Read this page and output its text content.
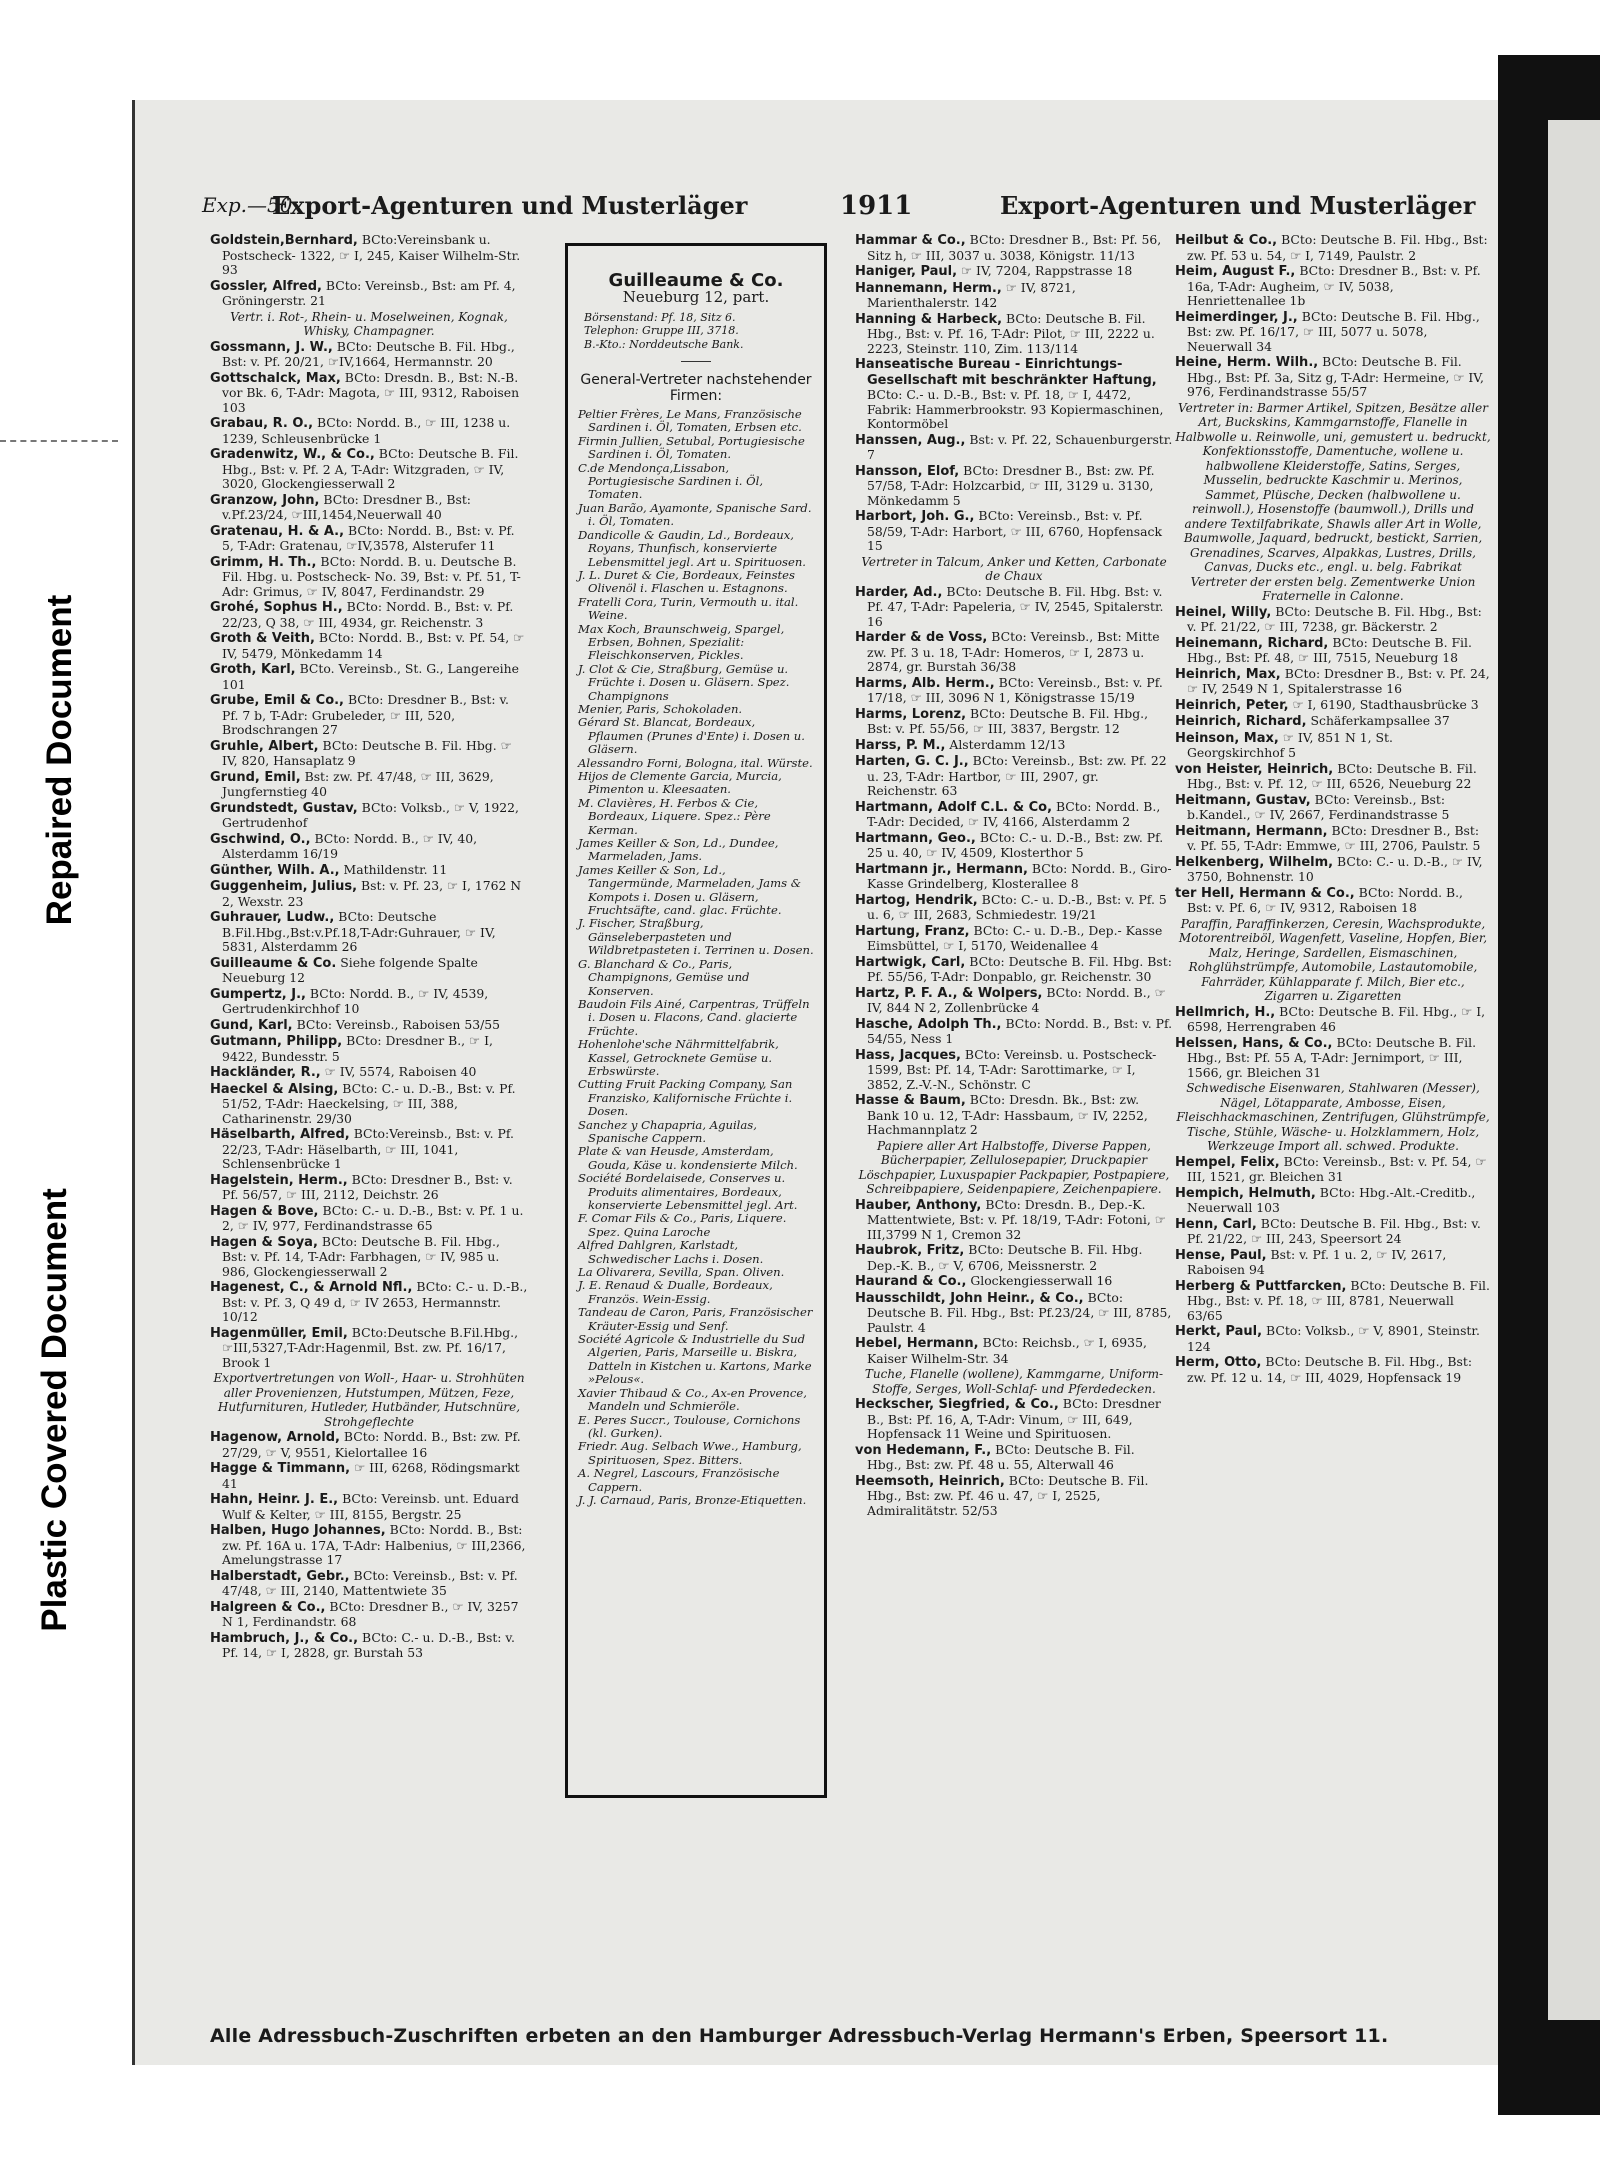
Repaired Document
Plastic Covered Document
Exp.—50
Export-Agenturen und Musterläger	1911	Export-Agenturen und Musterläger
Goldstein,Bernhard, BCto:Vereinsbank u. Postscheck- 1322, ☞ I, 245, Kaiser Wilhelm-Str. 93
Gossler, Alfred, BCto: Vereinsb., Bst: am Pf. 4, Gröningerstr. 21
Vertr. i. Rot-, Rhein- u. Moselweinen, Kognak, Whisky, Champagner.
Gossmann, J. W., BCto: Deutsche B. Fil. Hbg., Bst: v. Pf. 20/21, ☞IV,1664, Hermannstr. 20
Gottschalck, Max, BCto: Dresdn. B., Bst: N.-B. vor Bk. 6, T-Adr: Magota, ☞ III, 9312, Raboisen 103
Grabau, R. O., BCto: Nordd. B., ☞ III, 1238 u. 1239, Schleusenbrücke 1
Gradenwitz, W., & Co., BCto: Deutsche B. Fil. Hbg., Bst: v. Pf. 2 A, T-Adr: Witzgraden, ☞ IV, 3020, Glockengiesserwall 2
Granzow, John, BCto: Dresdner B., Bst: v.Pf.23/24, ☞III,1454,Neuerwall 40
Gratenau, H. & A., BCto: Nordd. B., Bst: v. Pf. 5, T-Adr: Gratenau, ☞IV,3578, Alsterufer 11
Grimm, H. Th., BCto: Nordd. B. u. Deutsche B. Fil. Hbg. u. Postscheck- No. 39, Bst: v. Pf. 51, T-Adr: Grimus, ☞ IV, 8047, Ferdinandstr. 29
Grohé, Sophus H., BCto: Nordd. B., Bst: v. Pf. 22/23, Q 38, ☞ III, 4934, gr. Reichenstr. 3
Groth & Veith, BCto: Nordd. B., Bst: v. Pf. 54, ☞ IV, 5479, Mönkedamm 14
Groth, Karl, BCto. Vereinsb., St. G., Langereihe 101
Grube, Emil & Co., BCto: Dresdner B., Bst: v. Pf. 7 b, T-Adr: Grubeleder, ☞ III, 520, Brodschrangen 27
Gruhle, Albert, BCto: Deutsche B. Fil. Hbg. ☞ IV, 820, Hansaplatz 9
Grund, Emil, Bst: zw. Pf. 47/48, ☞ III, 3629, Jungfernstieg 40
Grundstedt, Gustav, BCto: Volksb., ☞ V, 1922, Gertrudenhof
Gschwind, O., BCto: Nordd. B., ☞ IV, 40, Alsterdamm 16/19
Günther, Wilh. A., Mathildenstr. 11
Guggenheim, Julius, Bst: v. Pf. 23, ☞ I, 1762 N 2, Wexstr. 23
Guhrauer, Ludw., BCto: Deutsche B.Fil.Hbg.,Bst:v.Pf.18,T-Adr:Guhrauer, ☞ IV, 5831, Alsterdamm 26
Guilleaume & Co. Siehe folgende Spalte Neueburg 12
Gumpertz, J., BCto: Nordd. B., ☞ IV, 4539, Gertrudenkirchhof 10
Gund, Karl, BCto: Vereinsb., Raboisen 53/55
Gutmann, Philipp, BCto: Dresdner B., ☞ I, 9422, Bundesstr. 5
Hackländer, R., ☞ IV, 5574, Raboisen 40
Haeckel & Alsing, BCto: C.- u. D.-B., Bst: v. Pf. 51/52, T-Adr: Haeckelsing, ☞ III, 388, Catharinenstr. 29/30
Häselbarth, Alfred, BCto:Vereinsb., Bst: v. Pf. 22/23, T-Adr: Häselbarth, ☞ III, 1041, Schlensenbrücke 1
Hagelstein, Herm., BCto: Dresdner B., Bst: v. Pf. 56/57, ☞ III, 2112, Deichstr. 26
Hagen & Bove, BCto: C.- u. D.-B., Bst: v. Pf. 1 u. 2, ☞ IV, 977, Ferdinandstrasse 65
Hagen & Soya, BCto: Deutsche B. Fil. Hbg., Bst: v. Pf. 14, T-Adr: Farbhagen, ☞ IV, 985 u. 986, Glockengiesserwall 2
Hagenest, C., & Arnold Nfl., BCto: C.- u. D.-B., Bst: v. Pf. 3, Q 49 d, ☞ IV 2653, Hermannstr. 10/12
Hagenmüller, Emil, BCto:Deutsche B.Fil.Hbg., ☞III,5327,T-Adr:Hagenmil, Bst. zw. Pf. 16/17, Brook 1
Exportvertretungen von Woll-, Haar- u. Strohhüten aller Provenienzen, Hutstumpen, Mützen, Feze, Hutfurnituren, Hutleder, Hutbänder, Hutschnüre, Strohgeflechte
Hagenow, Arnold, BCto: Nordd. B., Bst: zw. Pf. 27/29, ☞ V, 9551, Kielortallee 16
Hagge & Timmann, ☞ III, 6268, Rödingsmarkt 41
Hahn, Heinr. J. E., BCto: Vereinsb. unt. Eduard Wulf & Kelter, ☞ III, 8155, Bergstr. 25
Halben, Hugo Johannes, BCto: Nordd. B., Bst: zw. Pf. 16A u. 17A, T-Adr: Halbenius, ☞ III,2366, Amelungstrasse 17
Halberstadt, Gebr., BCto: Vereinsb., Bst: v. Pf. 47/48, ☞ III, 2140, Mattentwiete 35
Halgreen & Co., BCto: Dresdner B., ☞ IV, 3257 N 1, Ferdinandstr. 68
Hambruch, J., & Co., BCto: C.- u. D.-B., Bst: v. Pf. 14, ☞ I, 2828, gr. Burstah 53
Guilleaume & Co.
Neueburg 12, part.
Börsenstand: Pf. 18, Sitz 6.
Telephon: Gruppe III, 3718.
B.-Kto.: Norddeutsche Bank.
General-Vertreter nachstehender Firmen:
Peltier Frères, Le Mans, Französische Sardinen i. Öl, Tomaten, Erbsen etc.
Firmin Jullien, Setubal, Portugiesische Sardinen i. Öl, Tomaten.
C.de Mendonça,Lissabon, Portugiesische Sardinen i. Öl, Tomaten.
Juan Barão, Ayamonte, Spanische Sard. i. Öl, Tomaten.
Dandicolle & Gaudin, Ld., Bordeaux, Royans, Thunfisch, konservierte Lebensmittel jegl. Art u. Spirituosen.
J. L. Duret & Cie, Bordeaux, Feinstes Olivenöl i. Flaschen u. Estagnons.
Fratelli Cora, Turin, Vermouth u. ital. Weine.
Max Koch, Braunschweig, Spargel, Erbsen, Bohnen, Spezialit: Fleischkonserven, Pickles.
J. Clot & Cie, Straßburg, Gemüse u. Früchte i. Dosen u. Gläsern. Spez. Champignons
Menier, Paris, Schokoladen.
Gérard St. Blancat, Bordeaux, Pflaumen (Prunes d'Ente) i. Dosen u. Gläsern.
Alessandro Forni, Bologna, ital. Würste.
Hijos de Clemente Garcia, Murcia, Pimenton u. Kleesaaten.
M. Clavières, H. Ferbos & Cie, Bordeaux, Liquere. Spez.: Père Kerman.
James Keiller & Son, Ld., Dundee, Marmeladen, Jams.
James Keiller & Son, Ld., Tangermünde, Marmeladen, Jams & Kompots i. Dosen u. Gläsern, Fruchtsäfte, cand. glac. Früchte.
J. Fischer, Straßburg, Gänseleberpasteten und Wildbretpasteten i. Terrinen u. Dosen.
G. Blanchard & Co., Paris, Champignons, Gemüse und Konserven.
Baudoin Fils Ainé, Carpentras, Trüffeln i. Dosen u. Flacons, Cand. glacierte Früchte.
Hohenlohe'sche Nährmittelfabrik, Kassel, Getrocknete Gemüse u. Erbswürste.
Cutting Fruit Packing Company, San Franzisko, Kalifornische Früchte i. Dosen.
Sanchez y Chapapria, Aguilas, Spanische Cappern.
Plate & van Heusde, Amsterdam, Gouda, Käse u. kondensierte Milch.
Société Bordelaisede, Conserves u. Produits alimentaires, Bordeaux, konservierte Lebensmittel jegl. Art.
F. Comar Fils & Co., Paris, Liquere. Spez. Quina Laroche
Alfred Dahlgren, Karlstadt, Schwedischer Lachs i. Dosen.
La Olivarera, Sevilla, Span. Oliven.
J. E. Renaud & Dualle, Bordeaux, Französ. Wein-Essig.
Tandeau de Caron, Paris, Französischer Kräuter-Essig und Senf.
Société Agricole & Industrielle du Sud Algerien, Paris, Marseille u. Biskra, Datteln in Kistchen u. Kartons, Marke »Pelous«.
Xavier Thibaud & Co., Ax-en Provence, Mandeln und Schmieröle.
E. Peres Succr., Toulouse, Cornichons (kl. Gurken).
Friedr. Aug. Selbach Wwe., Hamburg, Spirituosen, Spez. Bitters.
A. Negrel, Lascours, Französische Cappern.
J. J. Carnaud, Paris, Bronze-Etiquetten.
Hammar & Co., BCto: Dresdner B., Bst: Pf. 56, Sitz h, ☞ III, 3037 u. 3038, Königstr. 11/13
Haniger, Paul, ☞ IV, 7204, Rappstrasse 18
Hannemann, Herm., ☞ IV, 8721, Marienthalerstr. 142
Hanning & Harbeck, BCto: Deutsche B. Fil. Hbg., Bst: v. Pf. 16, T-Adr: Pilot, ☞ III, 2222 u. 2223, Steinstr. 110, Zim. 113/114
Hanseatische Bureau - Einrichtungs-Gesellschaft mit beschränkter Haftung, BCto: C.- u. D.-B., Bst: v. Pf. 18, ☞ I, 4472, Fabrik: Hammerbrookstr. 93 Kopiermaschinen, Kontormöbel
Hanssen, Aug., Bst: v. Pf. 22, Schauenburgerstr. 7
Hansson, Elof, BCto: Dresdner B., Bst: zw. Pf. 57/58, T-Adr: Holzcarbid, ☞ III, 3129 u. 3130, Mönkedamm 5
Harbort, Joh. G., BCto: Vereinsb., Bst: v. Pf. 58/59, T-Adr: Harbort, ☞ III, 6760, Hopfensack 15
Vertreter in Talcum, Anker und Ketten, Carbonate de Chaux
Harder, Ad., BCto: Deutsche B. Fil. Hbg. Bst: v. Pf. 47, T-Adr: Papeleria, ☞ IV, 2545, Spitalerstr. 16
Harder & de Voss, BCto: Vereinsb., Bst: Mitte zw. Pf. 3 u. 18, T-Adr: Homeros, ☞ I, 2873 u. 2874, gr. Burstah 36/38
Harms, Alb. Herm., BCto: Vereinsb., Bst: v. Pf. 17/18, ☞ III, 3096 N 1, Königstrasse 15/19
Harms, Lorenz, BCto: Deutsche B. Fil. Hbg., Bst: v. Pf. 55/56, ☞ III, 3837, Bergstr. 12
Harss, P. M., Alsterdamm 12/13
Harten, G. C. J., BCto: Vereinsb., Bst: zw. Pf. 22 u. 23, T-Adr: Hartbor, ☞ III, 2907, gr. Reichenstr. 63
Hartmann, Adolf C.L. & Co, BCto: Nordd. B., T-Adr: Decided, ☞ IV, 4166, Alsterdamm 2
Hartmann, Geo., BCto: C.- u. D.-B., Bst: zw. Pf. 25 u. 40, ☞ IV, 4509, Klosterthor 5
Hartmann jr., Hermann, BCto: Nordd. B., Giro-Kasse Grindelberg, Klosterallee 8
Hartog, Hendrik, BCto: C.- u. D.-B., Bst: v. Pf. 5 u. 6, ☞ III, 2683, Schmiedestr. 19/21
Hartung, Franz, BCto: C.- u. D.-B., Dep.- Kasse Eimsbüttel, ☞ I, 5170, Weidenallee 4
Hartwigk, Carl, BCto: Deutsche B. Fil. Hbg. Bst: Pf. 55/56, T-Adr: Donpablo, gr. Reichenstr. 30
Hartz, P. F. A., & Wolpers, BCto: Nordd. B., ☞ IV, 844 N 2, Zollenbrücke 4
Hasche, Adolph Th., BCto: Nordd. B., Bst: v. Pf. 54/55, Ness 1
Hass, Jacques, BCto: Vereinsb. u. Postscheck- 1599, Bst: Pf. 14, T-Adr: Sarottimarke, ☞ I, 3852, Z.-V.-N., Schönstr. C
Hasse & Baum, BCto: Dresdn. Bk., Bst: zw. Bank 10 u. 12, T-Adr: Hassbaum, ☞ IV, 2252, Hachmannplatz 2
Papiere aller Art Halbstoffe, Diverse Pappen, Bücherpapier, Zellulosepapier, Druckpapier Löschpapier, Luxuspapier Packpapier, Postpapiere, Schreibpapiere, Seidenpapiere, Zeichenpapiere.
Hauber, Anthony, BCto: Dresdn. B., Dep.-K. Mattentwiete, Bst: v. Pf. 18/19, T-Adr: Fotoni, ☞ III,3799 N 1, Cremon 32
Haubrok, Fritz, BCto: Deutsche B. Fil. Hbg. Dep.-K. B., ☞ V, 6706, Meissnerstr. 2
Haurand & Co., Glockengiesserwall 16
Hausschildt, John Heinr., & Co., BCto: Deutsche B. Fil. Hbg., Bst: Pf.23/24, ☞ III, 8785, Paulstr. 4
Hebel, Hermann, BCto: Reichsb., ☞ I, 6935, Kaiser Wilhelm-Str. 34
Tuche, Flanelle (wollene), Kammgarne, Uniform-Stoffe, Serges, Woll-Schlaf- und Pferdedecken.
Heckscher, Siegfried, & Co., BCto: Dresdner B., Bst: Pf. 16, A, T-Adr: Vinum, ☞ III, 649, Hopfensack 11 Weine und Spirituosen.
von Hedemann, F., BCto: Deutsche B. Fil. Hbg., Bst: zw. Pf. 48 u. 55, Alterwall 46
Heemsoth, Heinrich, BCto: Deutsche B. Fil. Hbg., Bst: zw. Pf. 46 u. 47, ☞ I, 2525, Admiralitätstr. 52/53
Heilbut & Co., BCto: Deutsche B. Fil. Hbg., Bst: zw. Pf. 53 u. 54, ☞ I, 7149, Paulstr. 2
Heim, August F., BCto: Dresdner B., Bst: v. Pf. 16a, T-Adr: Augheim, ☞ IV, 5038, Henriettenallee 1b
Heimerdinger, J., BCto: Deutsche B. Fil. Hbg., Bst: zw. Pf. 16/17, ☞ III, 5077 u. 5078, Neuerwall 34
Heine, Herm. Wilh., BCto: Deutsche B. Fil. Hbg., Bst: Pf. 3a, Sitz g, T-Adr: Hermeine, ☞ IV, 976, Ferdinandstrasse 55/57
Vertreter in: Barmer Artikel, Spitzen, Besätze aller Art, Buckskins, Kammgarnstoffe, Flanelle in Halbwolle u. Reinwolle, uni, gemustert u. bedruckt, Konfektionsstoffe, Damentuche, wollene u. halbwollene Kleiderstoffe, Satins, Serges, Musselin, bedruckte Kaschmir u. Merinos, Sammet, Plüsche, Decken (halbwollene u. reinwoll.), Hosenstoffe (baumwoll.), Drills und andere Textilfabrikate, Shawls aller Art in Wolle, Baumwolle, Jaquard, bedruckt, bestickt, Sarrien, Grenadines, Scarves, Alpakkas, Lustres, Drills, Canvas, Ducks etc., engl. u. belg. Fabrikat Vertreter der ersten belg. Zementwerke Union Fraternelle in Calonne.
Heinel, Willy, BCto: Deutsche B. Fil. Hbg., Bst: v. Pf. 21/22, ☞ III, 7238, gr. Bäckerstr. 2
Heinemann, Richard, BCto: Deutsche B. Fil. Hbg., Bst: Pf. 48, ☞ III, 7515, Neueburg 18
Heinrich, Max, BCto: Dresdner B., Bst: v. Pf. 24, ☞ IV, 2549 N 1, Spitalerstrasse 16
Heinrich, Peter, ☞ I, 6190, Stadthausbrücke 3
Heinrich, Richard, Schäferkampsallee 37
Heinson, Max, ☞ IV, 851 N 1, St. Georgskirchhof 5
von Heister, Heinrich, BCto: Deutsche B. Fil. Hbg., Bst: v. Pf. 12, ☞ III, 6526, Neueburg 22
Heitmann, Gustav, BCto: Vereinsb., Bst: b.Kandel., ☞ IV, 2667, Ferdinandstrasse 5
Heitmann, Hermann, BCto: Dresdner B., Bst: v. Pf. 55, T-Adr: Emmwe, ☞ III, 2706, Paulstr. 5
Helkenberg, Wilhelm, BCto: C.- u. D.-B., ☞ IV, 3750, Bohnenstr. 10
ter Hell, Hermann & Co., BCto: Nordd. B., Bst: v. Pf. 6, ☞ IV, 9312, Raboisen 18
Paraffin, Paraffinkerzen, Ceresin, Wachsprodukte, Motorentreiböl, Wagenfett, Vaseline, Hopfen, Bier, Malz, Heringe, Sardellen, Eismaschinen, Rohglühstrümpfe, Automobile, Lastautomobile, Fahrräder, Kühlapparate f. Milch, Bier etc., Zigarren u. Zigaretten
Hellmrich, H., BCto: Deutsche B. Fil. Hbg., ☞ I, 6598, Herrengraben 46
Helssen, Hans, & Co., BCto: Deutsche B. Fil. Hbg., Bst: Pf. 55 A, T-Adr: Jernimport, ☞ III, 1566, gr. Bleichen 31
Schwedische Eisenwaren, Stahlwaren (Messer), Nägel, Lötapparate, Ambosse, Eisen, Fleischhackmaschinen, Zentrifugen, Glühstrümpfe, Tische, Stühle, Wäsche- u. Holzklammern, Holz, Werkzeuge Import all. schwed. Produkte.
Hempel, Felix, BCto: Vereinsb., Bst: v. Pf. 54, ☞ III, 1521, gr. Bleichen 31
Hempich, Helmuth, BCto: Hbg.-Alt.-Creditb., Neuerwall 103
Henn, Carl, BCto: Deutsche B. Fil. Hbg., Bst: v. Pf. 21/22, ☞ III, 243, Speersort 24
Hense, Paul, Bst: v. Pf. 1 u. 2, ☞ IV, 2617, Raboisen 94
Herberg & Puttfarcken, BCto: Deutsche B. Fil. Hbg., Bst: v. Pf. 18, ☞ III, 8781, Neuerwall 63/65
Herkt, Paul, BCto: Volksb., ☞ V, 8901, Steinstr. 124
Herm, Otto, BCto: Deutsche B. Fil. Hbg., Bst: zw. Pf. 12 u. 14, ☞ III, 4029, Hopfensack 19
Alle Adressbuch-Zuschriften erbeten an den Hamburger Adressbuch-Verlag Hermann's Erben, Speersort 11.
